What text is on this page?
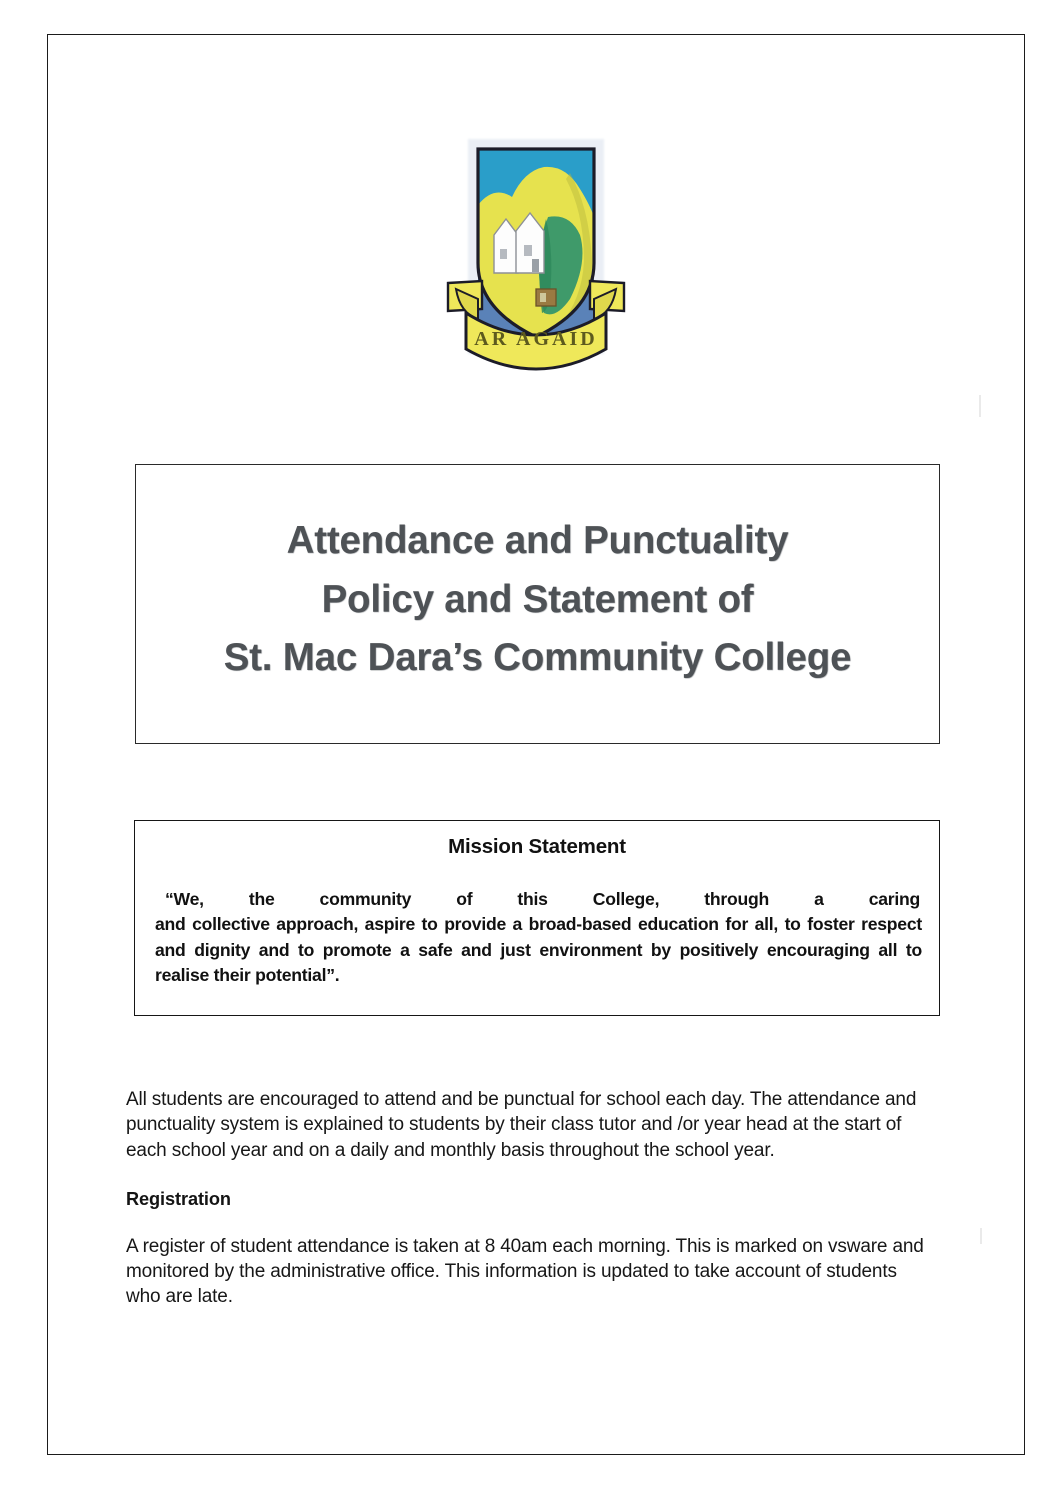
AR AGAID
Attendance and Punctuality
Policy and Statement of
St. Mac Dara’s Community College
Mission Statement

“We, the community of this College, through a caring
and collective approach, aspire to provide a broad-based education for all, to foster respect and dignity and to promote a safe and just environment by positively encouraging all to realise their potential”.

All students are encouraged to attend and be punctual for school each day. The attendance and punctuality system is explained to students by their class tutor and /or year head at the start of each school year and on a daily and monthly basis throughout the school year.

Registration

A register of student attendance is taken at 8 40am each morning. This is marked on vsware and monitored by the administrative office. This information is updated to take account of students who are late.
